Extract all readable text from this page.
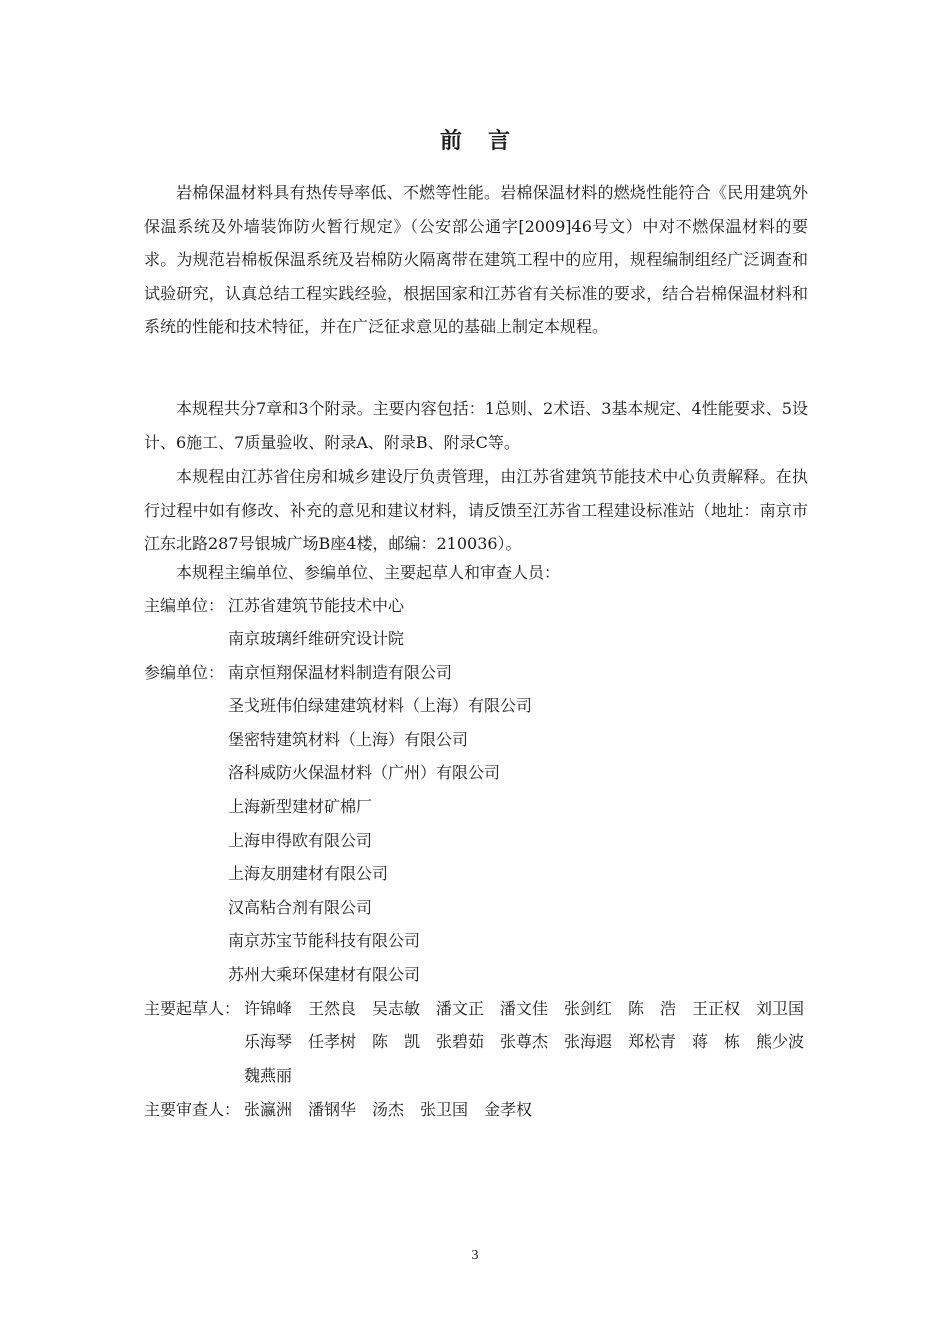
前言

岩棉保温材料具有热传导率低、不燃等性能。岩棉保温材料的燃烧性能符合《民用建筑外保温系统及外墙装饰防火暂行规定》（公安部公通字[2009]46号文）中对不燃保温材料的要求。为规范岩棉板保温系统及岩棉防火隔离带在建筑工程中的应用，规程编制组经广泛调查和试验研究，认真总结工程实践经验，根据国家和江苏省有关标准的要求，结合岩棉保温材料和系统的性能和技术特征，并在广泛征求意见的基础上制定本规程。

本规程共分7章和3个附录。主要内容包括：1总则、2术语、3基本规定、4性能要求、5设计、6施工、7质量验收、附录A、附录B、附录C等。

本规程由江苏省住房和城乡建设厅负责管理，由江苏省建筑节能技术中心负责解释。在执行过程中如有修改、补充的意见和建议材料，请反馈至江苏省工程建设标准站（地址：南京市江东北路287号银城广场B座4楼，邮编：210036）。

本规程主编单位、参编单位、主要起草人和审查人员：

主编单位： 江苏省建筑节能技术中心
南京玻璃纤维研究设计院
参编单位： 南京恒翔保温材料制造有限公司
圣戈班伟伯绿建建筑材料（上海）有限公司
堡密特建筑材料（上海）有限公司
洛科威防火保温材料（广州）有限公司
上海新型建材矿棉厂
上海申得欧有限公司
上海友朋建材有限公司
汉高粘合剂有限公司
南京苏宝节能科技有限公司
苏州大乘环保建材有限公司
主要起草人： 许锦峰　王然良　吴志敏　潘文正　潘文佳　张剑红　陈　浩　王正权　刘卫国
乐海琴　任孝树　陈　凯　张碧茹　张尊杰　张海遐　郑松青　蒋　栋　熊少波
魏燕丽
主要审查人： 张瀛洲　潘钢华　汤杰　张卫国　金孝权
3
